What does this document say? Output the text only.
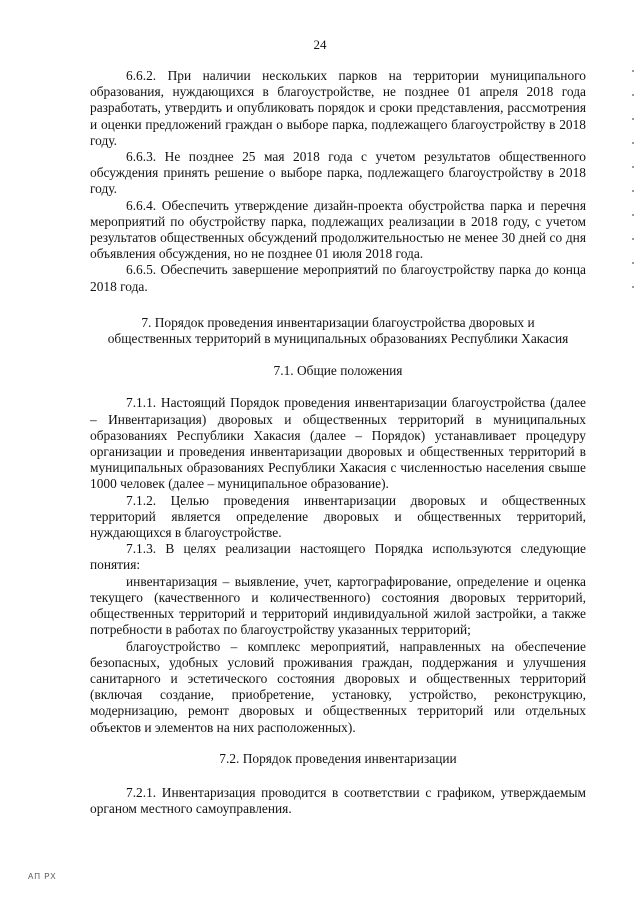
24

6.6.2. При наличии нескольких парков на территории муниципального образования, нуждающихся в благоустройстве, не позднее 01 апреля 2018 года разработать, утвердить и опубликовать порядок и сроки представления, рассмотрения и оценки предложений граждан о выборе парка, подлежащего благоустройству в 2018 году.

6.6.3. Не позднее 25 мая 2018 года с учетом результатов общественного обсуждения принять решение о выборе парка, подлежащего благоустройству в 2018 году.

6.6.4. Обеспечить утверждение дизайн-проекта обустройства парка и перечня мероприятий по обустройству парка, подлежащих реализации в 2018 году, с учетом результатов общественных обсуждений продолжительностью не менее 30 дней со дня объявления обсуждения, но не позднее 01 июля 2018 года.

6.6.5. Обеспечить завершение мероприятий по благоустройству парка до конца 2018 года.

7. Порядок проведения инвентаризации благоустройства дворовых и
общественных территорий в муниципальных образованиях Республики Хакасия
7.1. Общие положения

7.1.1. Настоящий Порядок проведения инвентаризации благоустройства (далее – Инвентаризация) дворовых и общественных территорий в муниципальных образованиях Республики Хакасия (далее – Порядок) устанавливает процедуру организации и проведения инвентаризации дворовых и общественных территорий в муниципальных образованиях Республики Хакасия с численностью населения свыше 1000 человек (далее – муниципальное образование).

7.1.2. Целью проведения инвентаризации дворовых и общественных территорий является определение дворовых и общественных территорий, нуждающихся в благоустройстве.

7.1.3. В целях реализации настоящего Порядка используются следующие понятия:

инвентаризация – выявление, учет, картографирование, определение и оценка текущего (качественного и количественного) состояния дворовых территорий, общественных территорий и территорий индивидуальной жилой застройки, а также потребности в работах по благоустройству указанных территорий;

благоустройство – комплекс мероприятий, направленных на обеспечение безопасных, удобных условий проживания граждан, поддержания и улучшения санитарного и эстетического состояния дворовых и общественных территорий (включая создание, приобретение, установку, устройство, реконструкцию, модернизацию, ремонт дворовых и общественных территорий или отдельных объектов и элементов на них расположенных).

7.2. Порядок проведения инвентаризации

7.2.1. Инвентаризация проводится в соответствии с графиком, утверждаемым органом местного самоуправления.

АП РХ
